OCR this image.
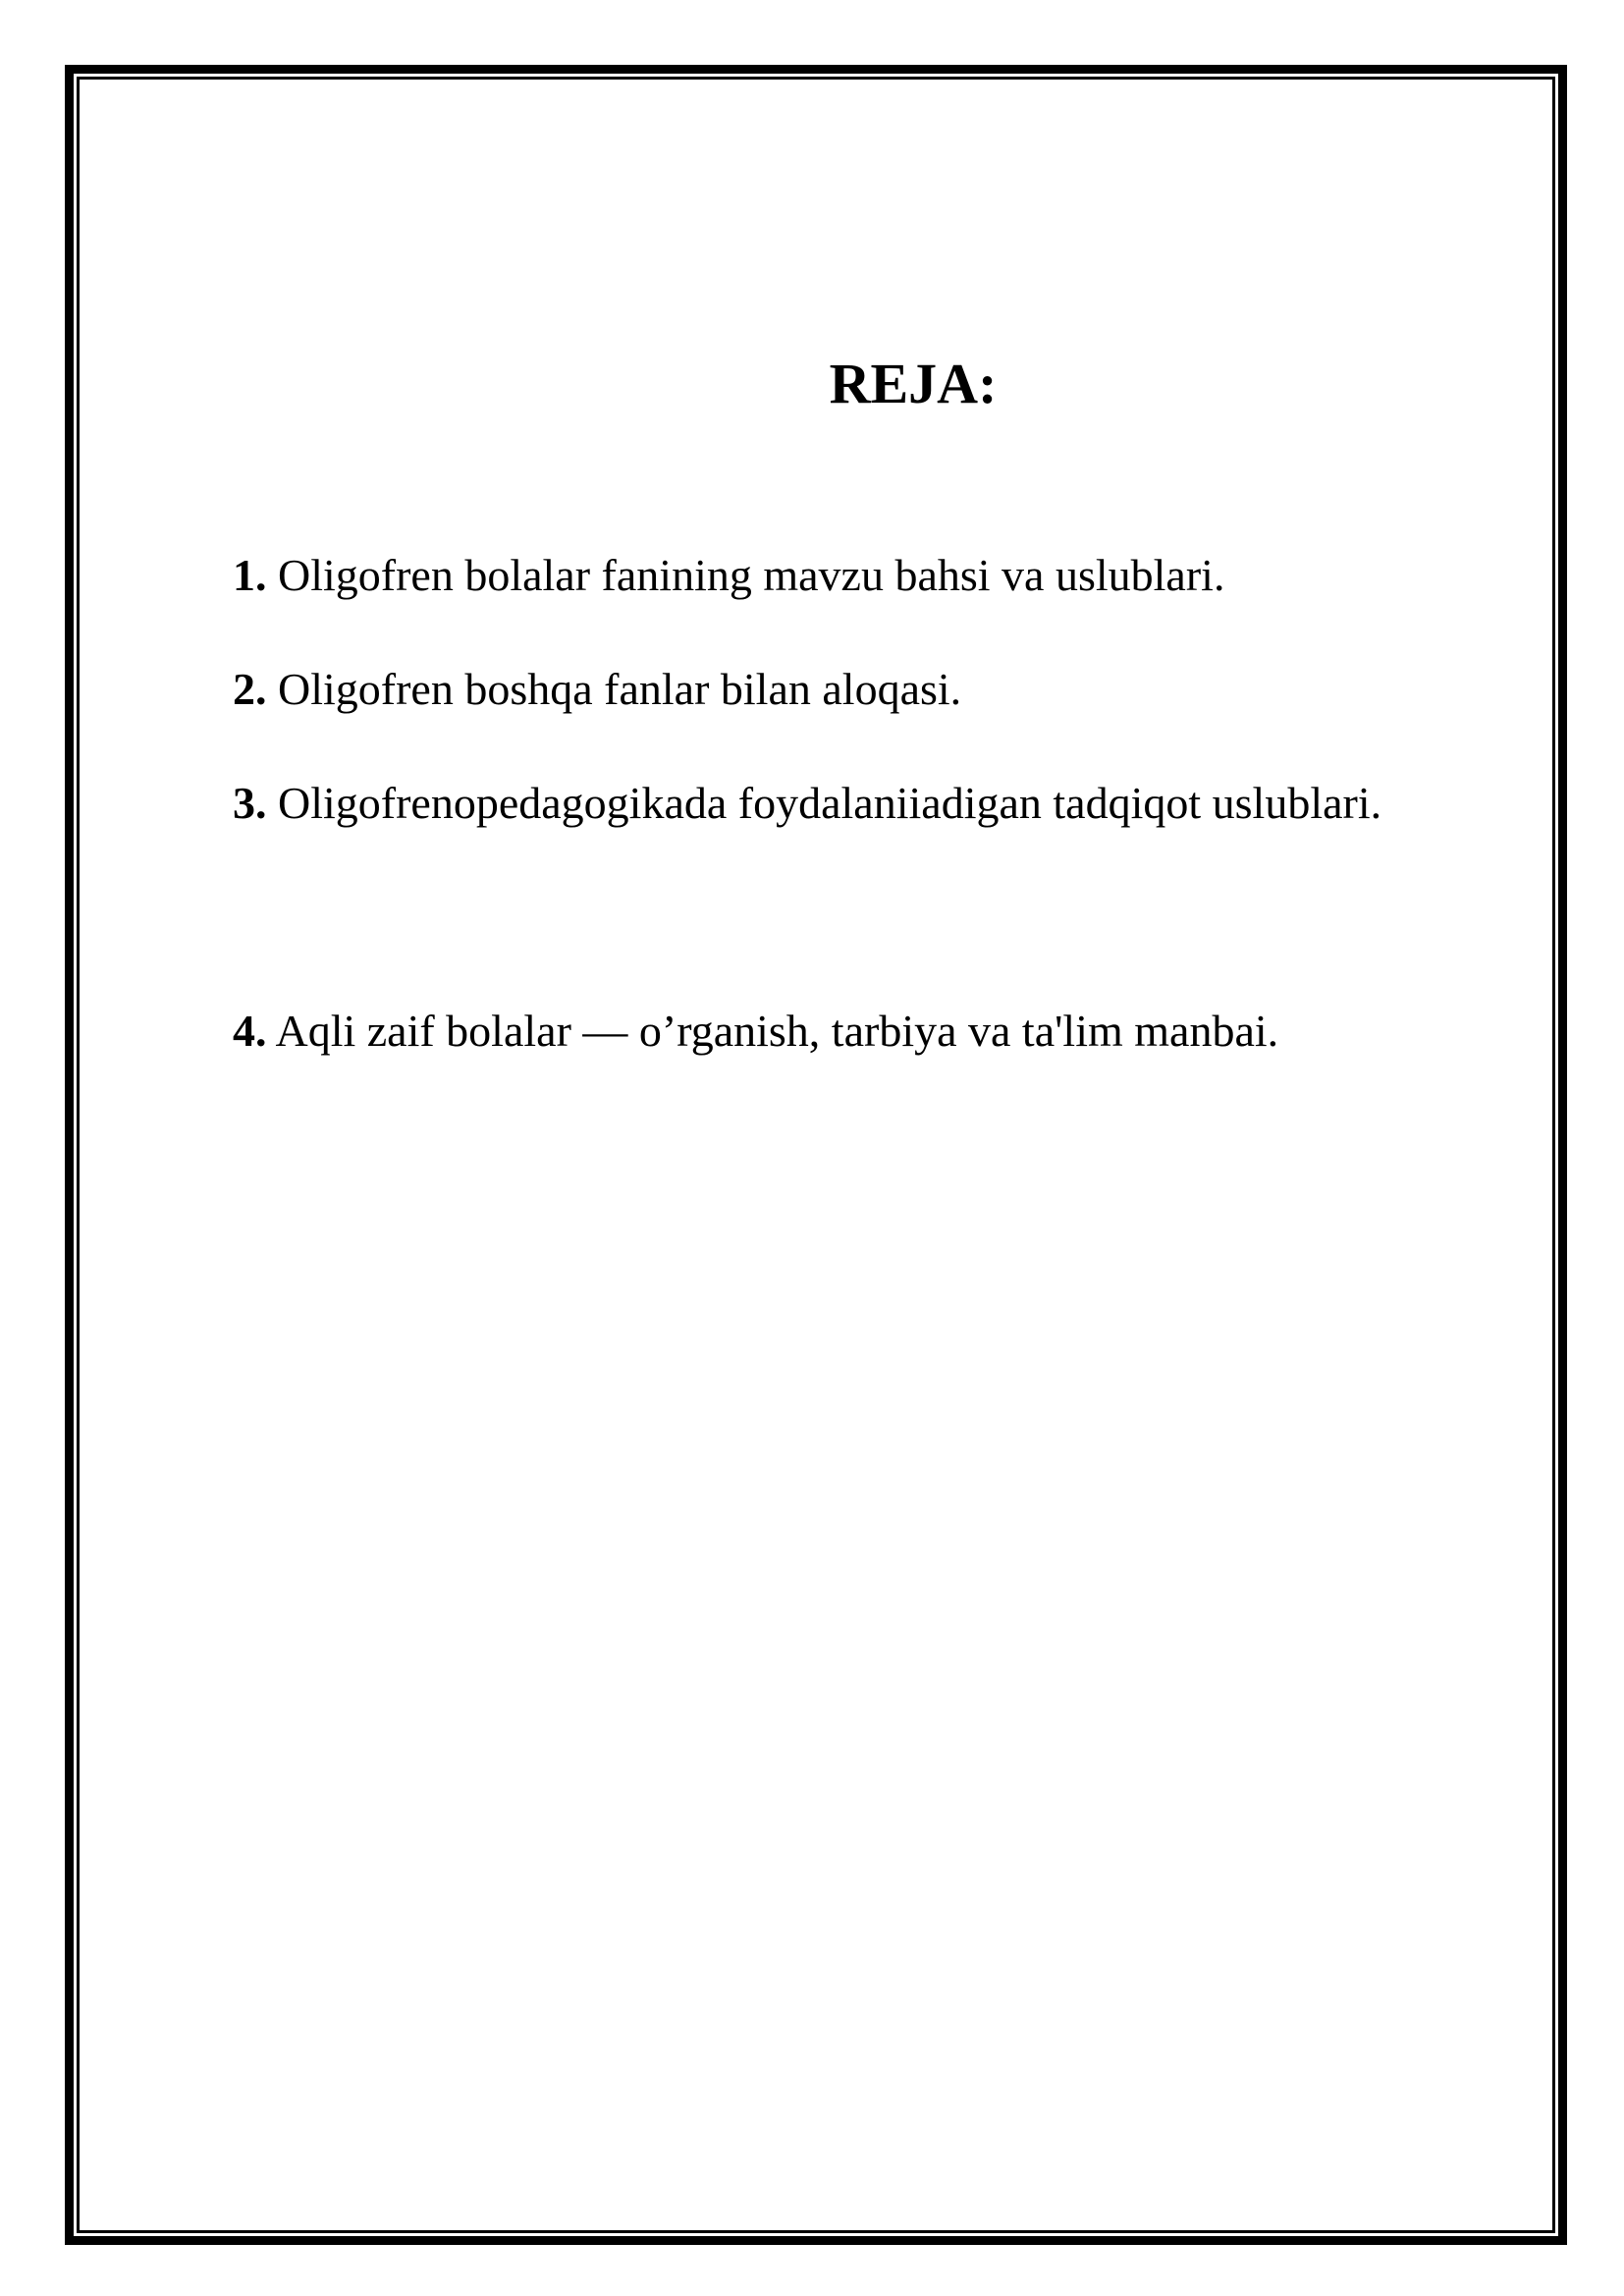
REJA:

1. Oligofren bolalar fanining mavzu bahsi va uslublari.

2. Oligofren boshqa fanlar bilan aloqasi.

3. Oligofrenopedagogikada foydalaniiadigan tadqiqot uslublari.

4. Aqli zaif bolalar — o’rganish, tarbiya va ta'lim manbai.
